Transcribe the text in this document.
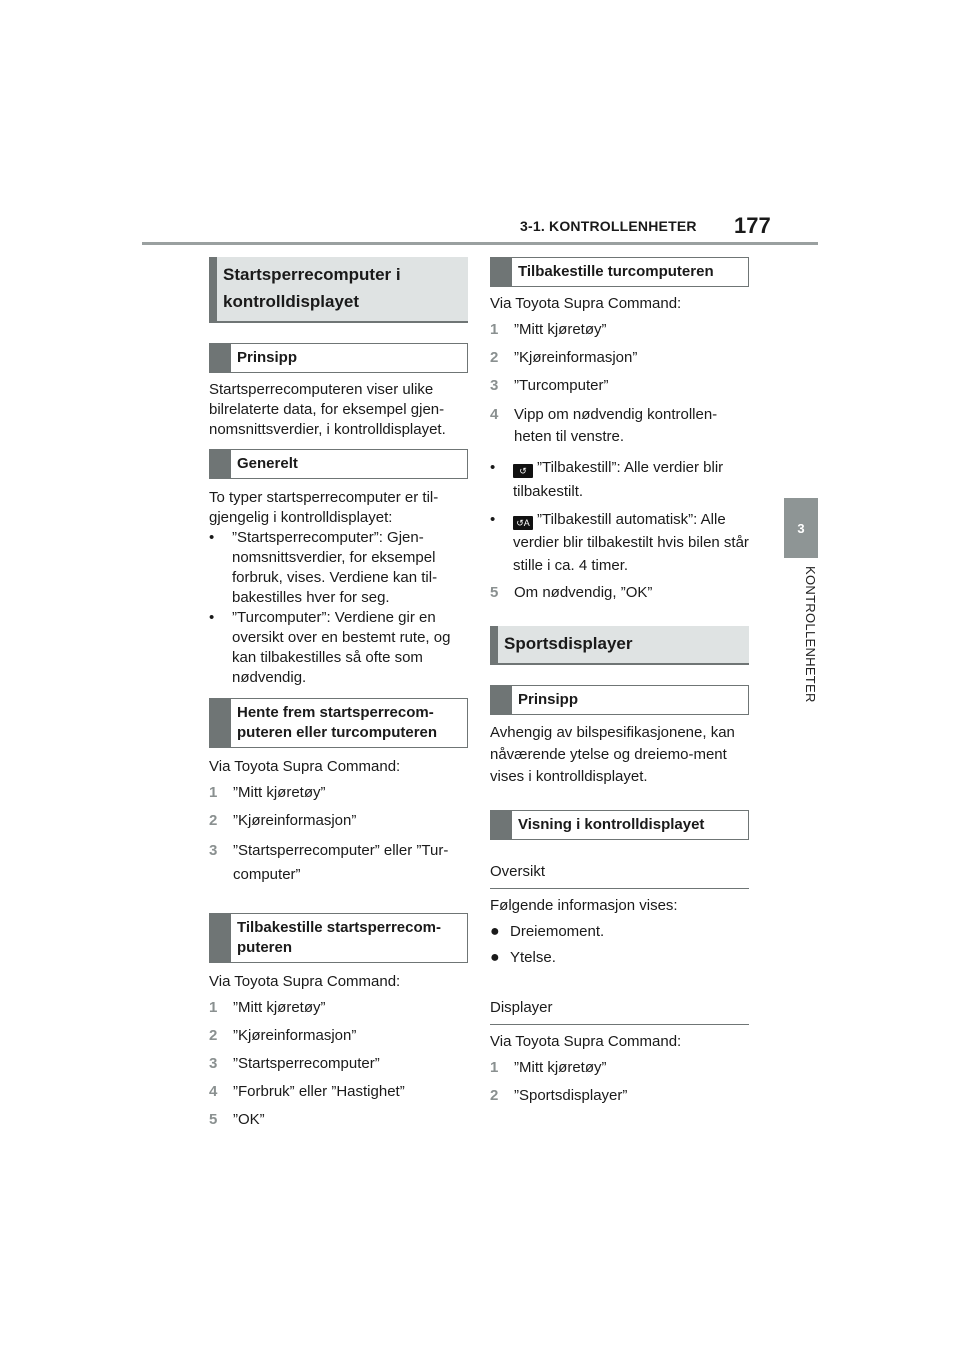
3-1. KONTROLLENHETER 177
3
KONTROLLENHETER
Startsperrecomputer i kontrolldisplayet
Prinsipp

Startsperrecomputeren viser ulike bilrelaterte data, for eksempel gjen-nomsnittsverdier, i kontrolldisplayet.

Generelt

To typer startsperrecomputer er til-gjengelig i kontrolldisplayet:

•	”Startsperrecomputer”: Gjen-nomsnittsverdier, for eksempel forbruk, vises. Verdiene kan til-bakestilles hver for seg.
•	”Turcomputer”: Verdiene gir en oversikt over en bestemt rute, og kan tilbakestilles så ofte som nødvendig.
Hente frem startsperrecom-puteren eller turcomputeren

Via Toyota Supra Command:

1	”Mitt kjøretøy”
2	”Kjøreinformasjon”
3	”Startsperrecomputer” eller ”Tur-computer”
Tilbakestille startsperrecom-puteren

Via Toyota Supra Command:

1	”Mitt kjøretøy”
2	”Kjøreinformasjon”
3	”Startsperrecomputer”
4	”Forbruk” eller ”Hastighet”
5	”OK”
Tilbakestille turcomputeren

Via Toyota Supra Command:

1	”Mitt kjøretøy”
2	”Kjøreinformasjon”
3	”Turcomputer”
4	Vipp om nødvendig kontrollen-heten til venstre.
•	↺ ”Tilbakestill”: Alle verdier blir tilbakestilt.
•	↺A ”Tilbakestill automatisk”: Alle verdier blir tilbakestilt hvis bilen står stille i ca. 4 timer.
5	Om nødvendig, ”OK”
Sportsdisplayer
Prinsipp

Avhengig av bilspesifikasjonene, kan nåværende ytelse og dreiemo-ment vises i kontrolldisplayet.

Visning i kontrolldisplayet
Oversikt

Følgende informasjon vises:

● Dreiemoment.
● Ytelse.
Displayer

Via Toyota Supra Command:

1	”Mitt kjøretøy”
2	”Sportsdisplayer”
